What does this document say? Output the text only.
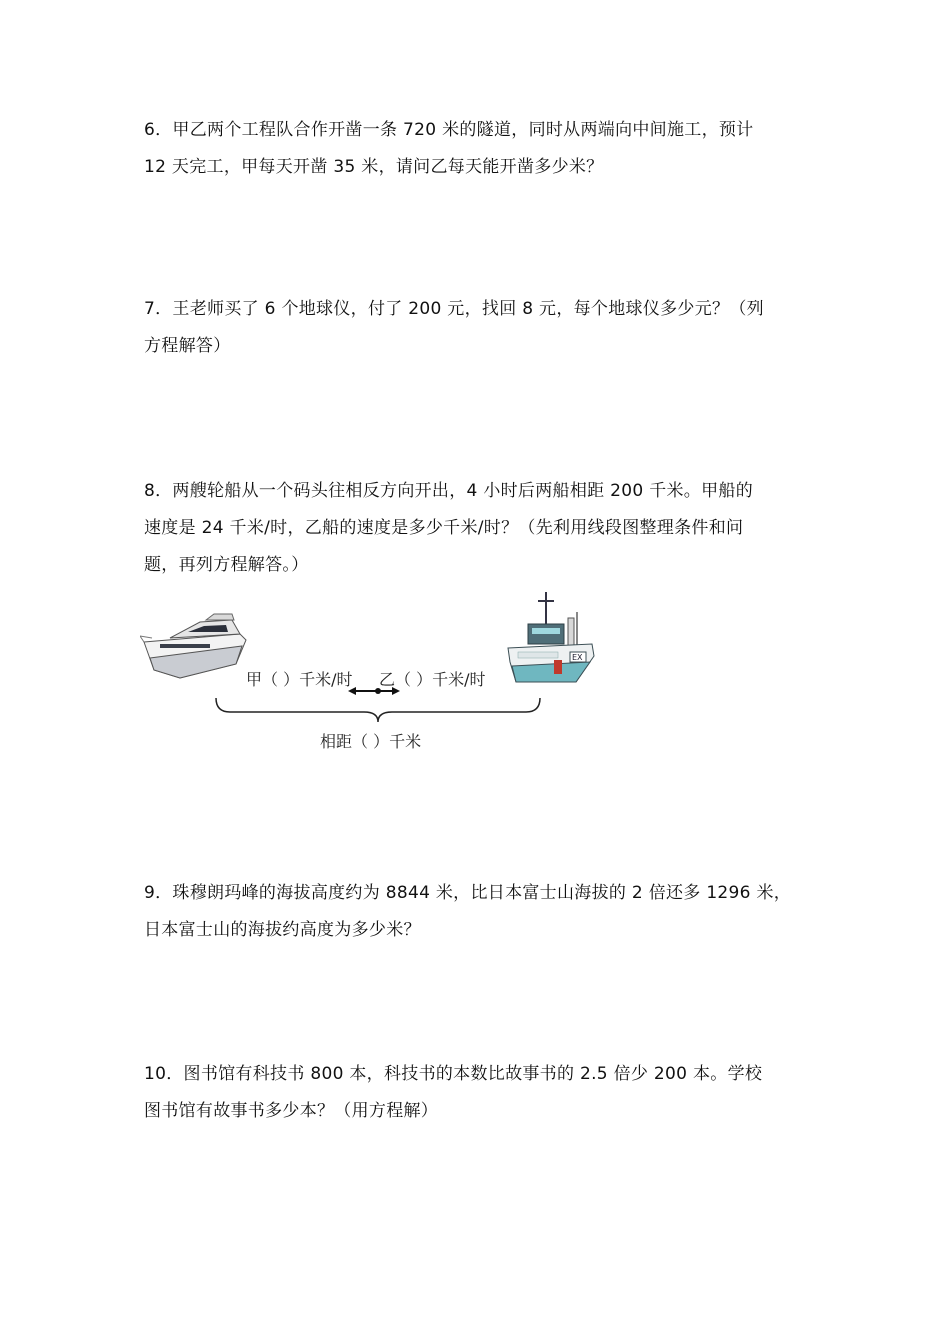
6．甲乙两个工程队合作开凿一条 720 米的隧道，同时从两端向中间施工，预计

12 天完工，甲每天开凿 35 米，请问乙每天能开凿多少米？

7．王老师买了 6 个地球仪，付了 200 元，找回 8 元，每个地球仪多少元？（列

方程解答）

8．两艘轮船从一个码头往相反方向开出，4 小时后两船相距 200 千米。甲船的

速度是 24 千米/时，乙船的速度是多少千米/时？（先利用线段图整理条件和问

题，再列方程解答。）

EX
甲（ ）千米/时 乙（ ）千米/时
相距（ ）千米

9．珠穆朗玛峰的海拔高度约为 8844 米，比日本富士山海拔的 2 倍还多 1296 米，

日本富士山的海拔约高度为多少米？

10．图书馆有科技书 800 本，科技书的本数比故事书的 2.5 倍少 200 本。学校

图书馆有故事书多少本？（用方程解）
